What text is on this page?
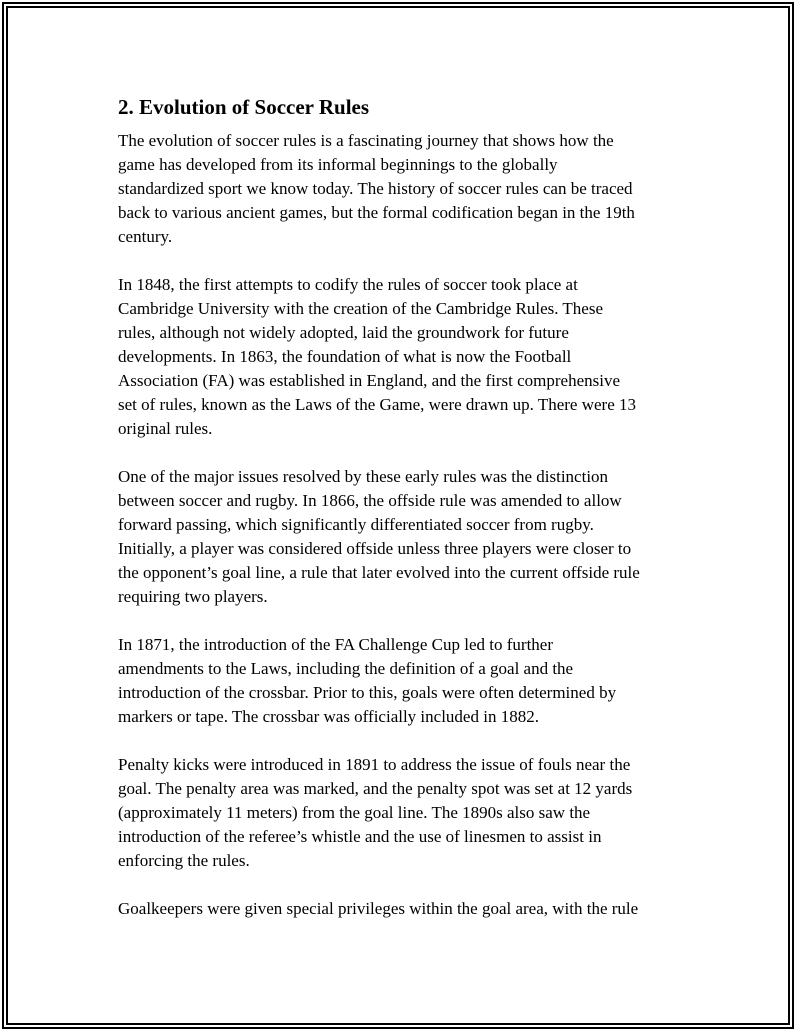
2. Evolution of Soccer Rules

The evolution of soccer rules is a fascinating journey that shows how the
game has developed from its informal beginnings to the globally
standardized sport we know today. The history of soccer rules can be traced
back to various ancient games, but the formal codification began in the 19th
century.

In 1848, the first attempts to codify the rules of soccer took place at
Cambridge University with the creation of the Cambridge Rules. These
rules, although not widely adopted, laid the groundwork for future
developments. In 1863, the foundation of what is now the Football
Association (FA) was established in England, and the first comprehensive
set of rules, known as the Laws of the Game, were drawn up. There were 13
original rules.

One of the major issues resolved by these early rules was the distinction
between soccer and rugby. In 1866, the offside rule was amended to allow
forward passing, which significantly differentiated soccer from rugby.
Initially, a player was considered offside unless three players were closer to
the opponent’s goal line, a rule that later evolved into the current offside rule
requiring two players.

In 1871, the introduction of the FA Challenge Cup led to further
amendments to the Laws, including the definition of a goal and the
introduction of the crossbar. Prior to this, goals were often determined by
markers or tape. The crossbar was officially included in 1882.

Penalty kicks were introduced in 1891 to address the issue of fouls near the
goal. The penalty area was marked, and the penalty spot was set at 12 yards
(approximately 11 meters) from the goal line. The 1890s also saw the
introduction of the referee’s whistle and the use of linesmen to assist in
enforcing the rules.

Goalkeepers were given special privileges within the goal area, with the rule
